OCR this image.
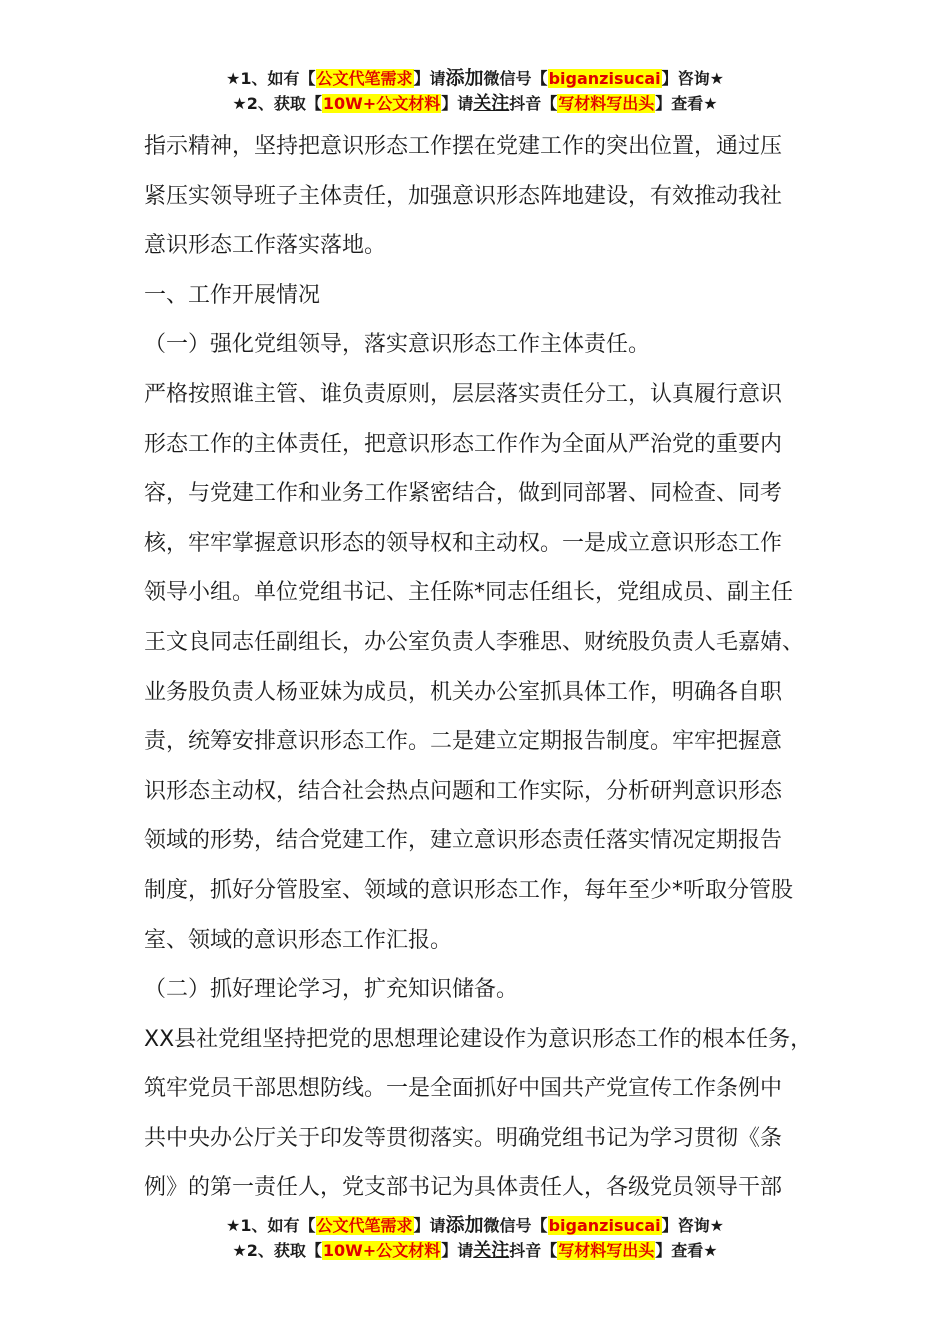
★1、如有【公文代笔需求】请添加微信号【biganzisucai】咨询★
★2、获取【10W+公文材料】请关注抖音【写材料写出头】查看★

指示精神，坚持把意识形态工作摆在党建工作的突出位置，通过压

紧压实领导班子主体责任，加强意识形态阵地建设，有效推动我社

意识形态工作落实落地。

一、工作开展情况

（一）强化党组领导，落实意识形态工作主体责任。

严格按照谁主管、谁负责原则，层层落实责任分工，认真履行意识

形态工作的主体责任，把意识形态工作作为全面从严治党的重要内

容，与党建工作和业务工作紧密结合，做到同部署、同检查、同考

核，牢牢掌握意识形态的领导权和主动权。一是成立意识形态工作

领导小组。单位党组书记、主任陈*同志任组长，党组成员、副主任

王文良同志任副组长，办公室负责人李雅思、财统股负责人毛嘉婧、

业务股负责人杨亚妹为成员，机关办公室抓具体工作，明确各自职

责，统筹安排意识形态工作。二是建立定期报告制度。牢牢把握意

识形态主动权，结合社会热点问题和工作实际，分析研判意识形态

领域的形势，结合党建工作，建立意识形态责任落实情况定期报告

制度，抓好分管股室、领域的意识形态工作，每年至少*听取分管股

室、领域的意识形态工作汇报。

（二）抓好理论学习，扩充知识储备。

XX县社党组坚持把党的思想理论建设作为意识形态工作的根本任务，

筑牢党员干部思想防线。一是全面抓好中国共产党宣传工作条例中

共中央办公厅关于印发等贯彻落实。明确党组书记为学习贯彻《条

例》的第一责任人，党支部书记为具体责任人，各级党员领导干部

★1、如有【公文代笔需求】请添加微信号【biganzisucai】咨询★
★2、获取【10W+公文材料】请关注抖音【写材料写出头】查看★
